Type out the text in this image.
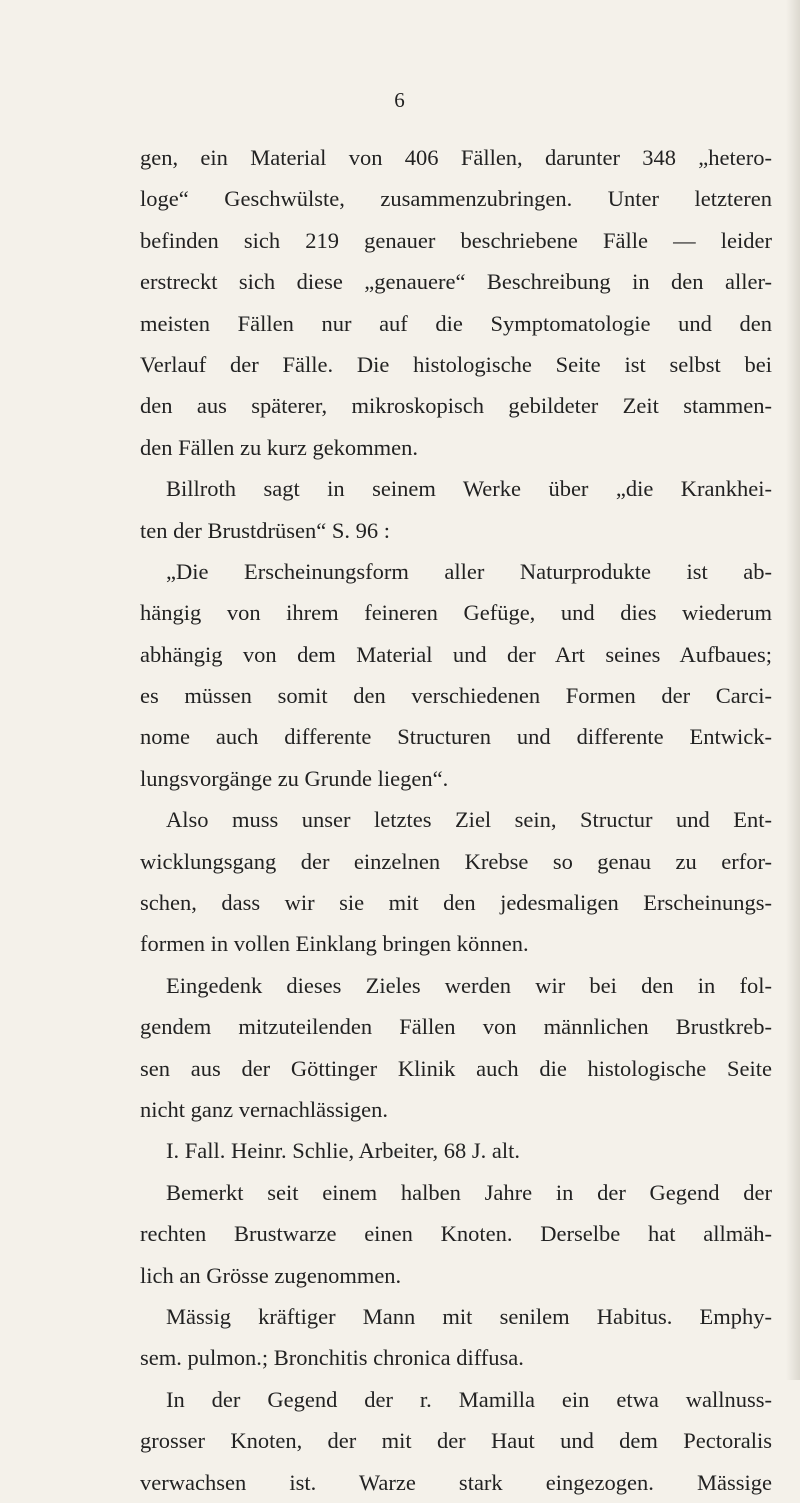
6
gen, ein Material von 406 Fällen, darunter 348 „hetero-
loge“ Geschwülste, zusammenzubringen. Unter letzteren
befinden sich 219 genauer beschriebene Fälle — leider
erstreckt sich diese „genauere“ Beschreibung in den aller-
meisten Fällen nur auf die Symptomatologie und den
Verlauf der Fälle. Die histologische Seite ist selbst bei
den aus späterer, mikroskopisch gebildeter Zeit stammen-
den Fällen zu kurz gekommen.
Billroth sagt in seinem Werke über „die Krankhei-
ten der Brustdrüsen“ S. 96 :
„Die Erscheinungsform aller Naturprodukte ist ab-
hängig von ihrem feineren Gefüge, und dies wiederum
abhängig von dem Material und der Art seines Aufbaues;
es müssen somit den verschiedenen Formen der Carci-
nome auch differente Structuren und differente Entwick-
lungsvorgänge zu Grunde liegen“.
Also muss unser letztes Ziel sein, Structur und Ent-
wicklungsgang der einzelnen Krebse so genau zu erfor-
schen, dass wir sie mit den jedesmaligen Erscheinungs-
formen in vollen Einklang bringen können.
Eingedenk dieses Zieles werden wir bei den in fol-
gendem mitzuteilenden Fällen von männlichen Brustkreb-
sen aus der Göttinger Klinik auch die histologische Seite
nicht ganz vernachlässigen.
I. Fall. Heinr. Schlie, Arbeiter, 68 J. alt.
Bemerkt seit einem halben Jahre in der Gegend der
rechten Brustwarze einen Knoten. Derselbe hat allmäh-
lich an Grösse zugenommen.
Mässig kräftiger Mann mit senilem Habitus. Emphy-
sem. pulmon.; Bronchitis chronica diffusa.
In der Gegend der r. Mamilla ein etwa wallnuss-
grosser Knoten, der mit der Haut und dem Pectoralis
verwachsen ist. Warze stark eingezogen. Mässige
